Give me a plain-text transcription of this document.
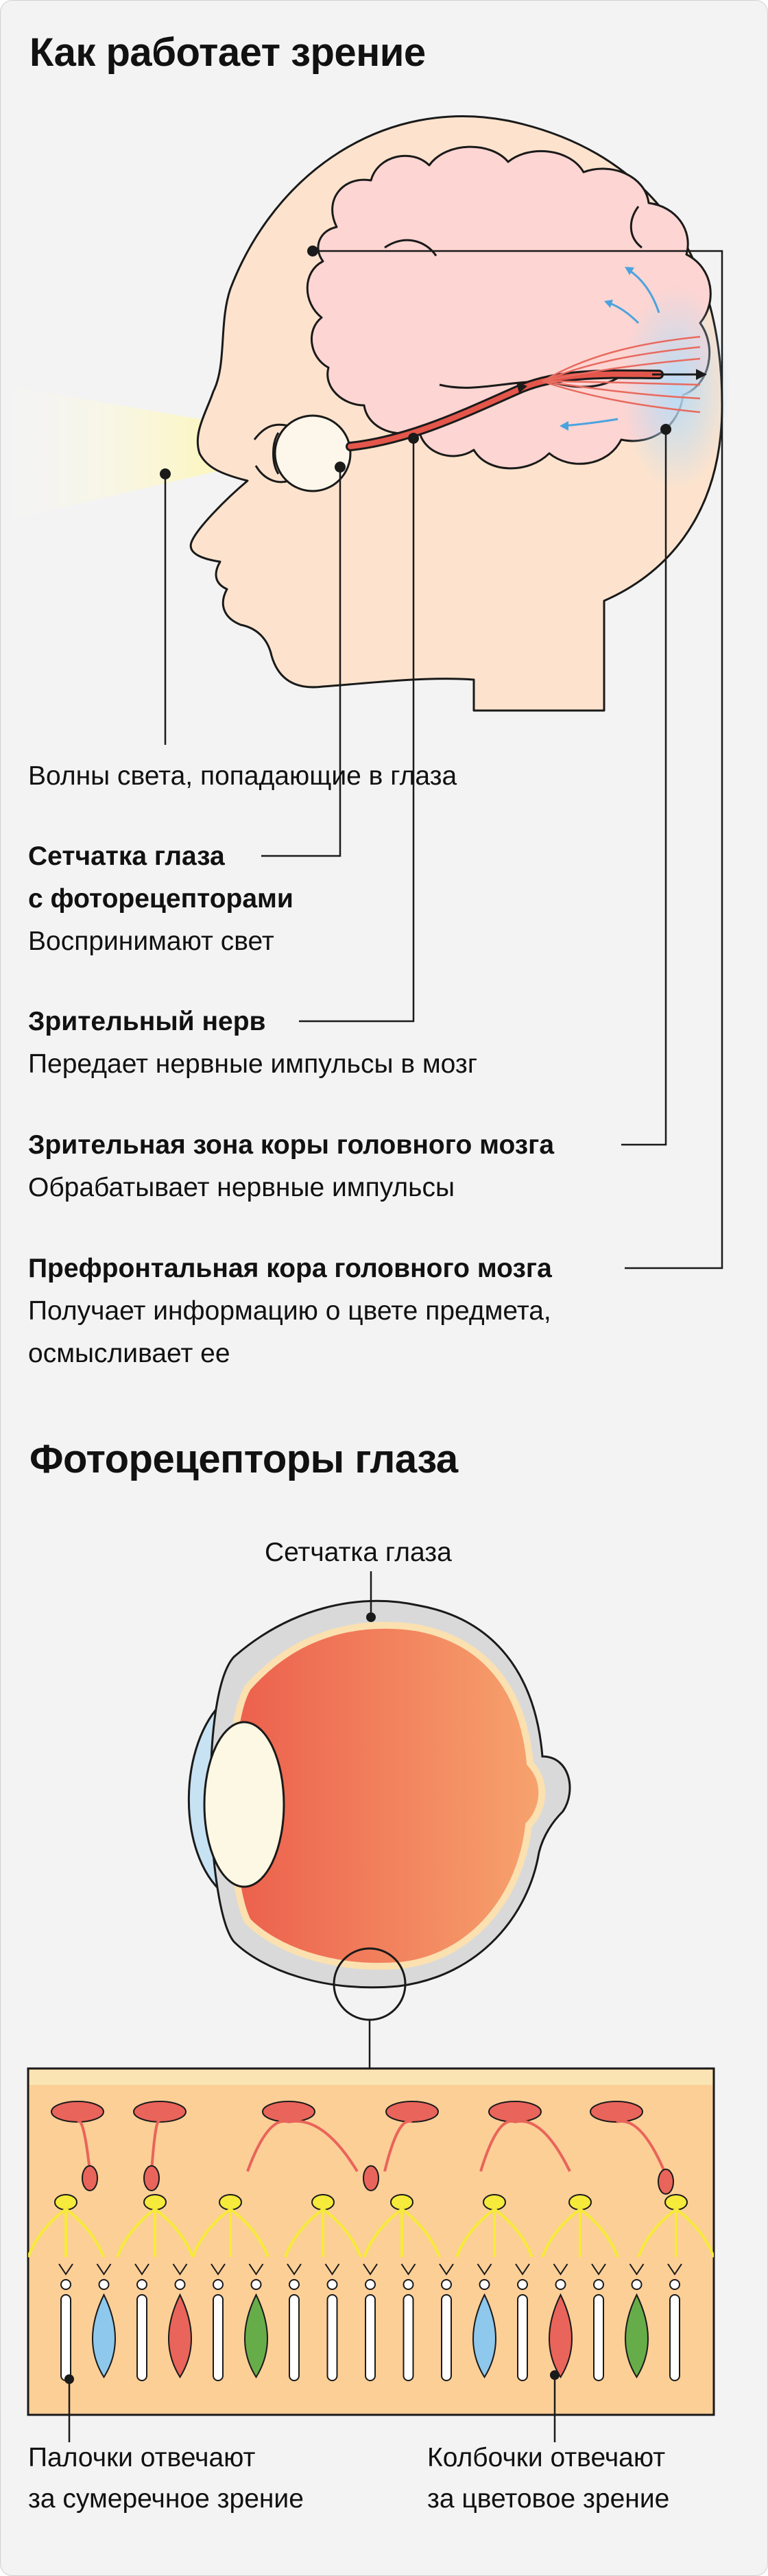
Как работает зрение
Волны света, попадающие в глаза
Сетчатка глаза
с фоторецепторами
Воспринимают свет
Зрительный нерв
Передает нервные импульсы в мозг
Зрительная зона коры головного мозга
Обрабатывает нервные импульсы
Префронтальная кора головного мозга
Получает информацию о цвете предмета,
осмысливает ее
Фоторецепторы глаза
Сетчатка глаза
Палочки отвечают
за сумеречное зрение
Колбочки отвечают
за цветовое зрение
